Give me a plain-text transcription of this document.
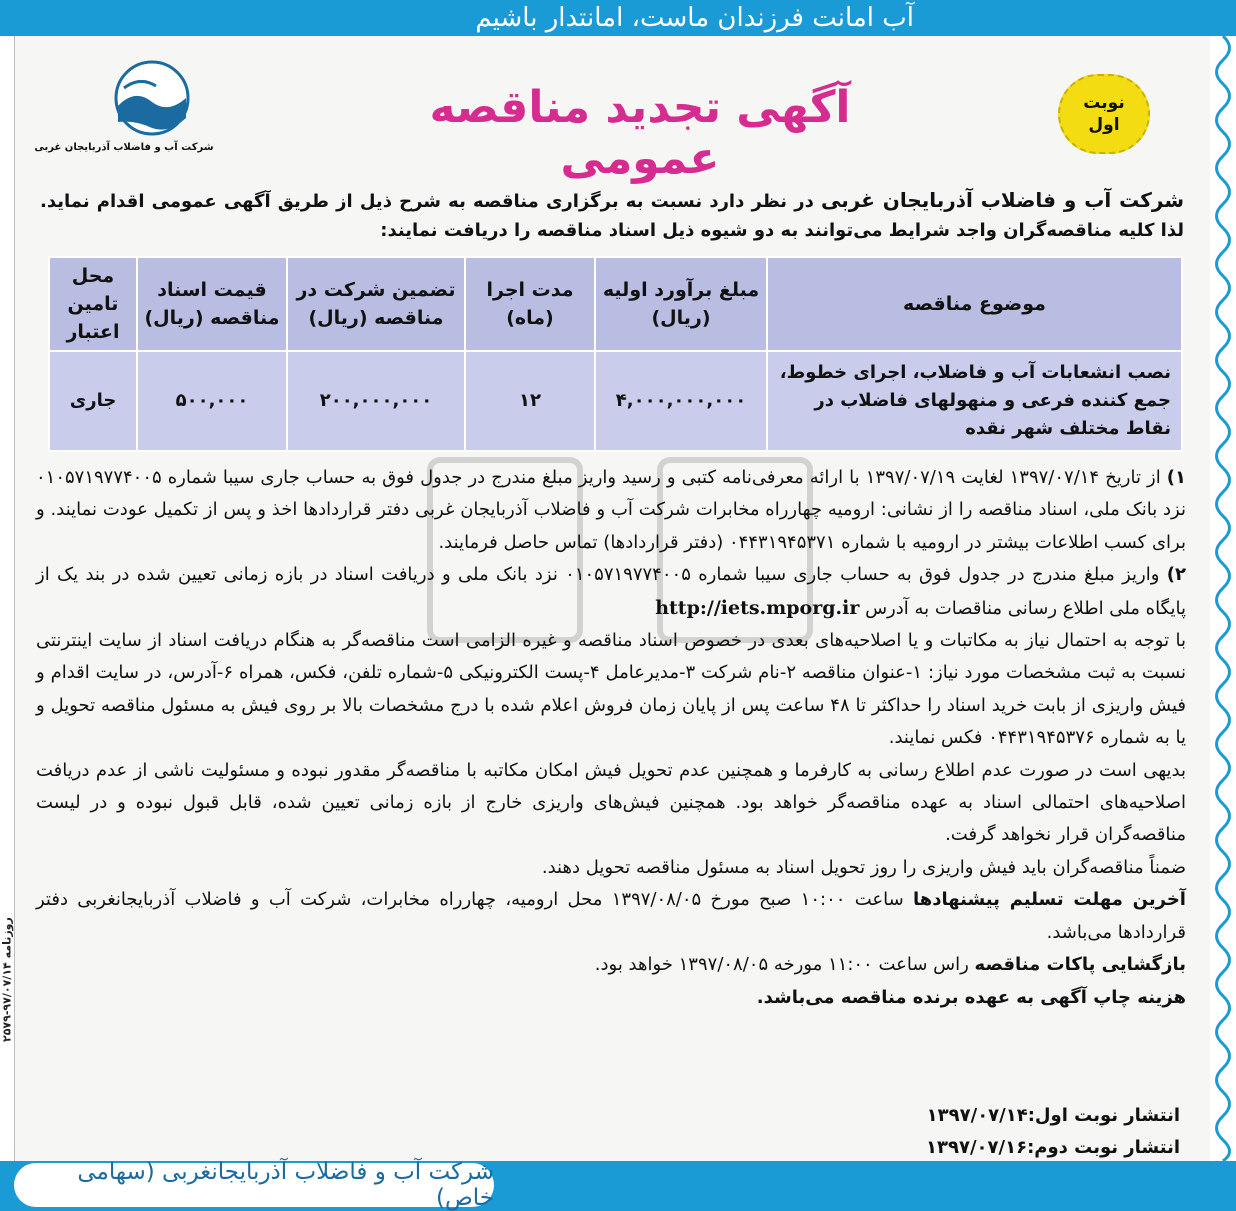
آب امانت فرزندان ماست، امانتدار باشیم
روزنامه ۹۷/۰۷/۱۴-۲۵۷۹
شرکت آب و فاضلاب آذربایجان غربی
آگهی تجدید مناقصه عمومی
نوبت
اول
شرکت آب و فاضلاب آذربایجان غربی در نظر دارد نسبت به برگزاری مناقصه به شرح ذیل از طریق آگهی عمومی اقدام نماید. لذا کلیه مناقصه‌گران واجد شرایط می‌توانند به دو شیوه ذیل اسناد مناقصه را دریافت نمایند:
موضوع مناقصه	مبلغ برآورد اولیه (ریال)	مدت اجرا (ماه)	تضمین شرکت در مناقصه (ریال)	قیمت اسناد مناقصه (ریال)	محل تامین اعتبار
نصب انشعابات آب و فاضلاب، اجرای خطوط، جمع کننده فرعی و منهولهای فاضلاب در نقاط مختلف شهر نقده	۴,۰۰۰,۰۰۰,۰۰۰	۱۲	۲۰۰,۰۰۰,۰۰۰	۵۰۰,۰۰۰	جاری

۱) از تاریخ ۱۳۹۷/۰۷/۱۴ لغایت ۱۳۹۷/۰۷/۱۹ با ارائه معرفی‌نامه کتبی و رسید واریز مبلغ مندرج در جدول فوق به حساب جاری سیبا شماره ۰۱۰۵۷۱۹۷۷۴۰۰۵ نزد بانک ملی، اسناد مناقصه را از نشانی: ارومیه چهارراه مخابرات شرکت آب و فاضلاب آذربایجان غربی دفتر قراردادها اخذ و پس از تکمیل عودت نمایند. و برای کسب اطلاعات بیشتر در ارومیه با شماره ۰۴۴۳۱۹۴۵۳۷۱ (دفتر قراردادها) تماس حاصل فرمایند.

۲) واریز مبلغ مندرج در جدول فوق به حساب جاری سیبا شماره ۰۱۰۵۷۱۹۷۷۴۰۰۵ نزد بانک ملی و دریافت اسناد در بازه زمانی تعیین شده در بند یک از پایگاه ملی اطلاع رسانی مناقصات به آدرس http://iets.mporg.ir

با توجه به احتمال نیاز به مکاتبات و یا اصلاحیه‌های بعدی در خصوص اسناد مناقصه و غیره الزامی است مناقصه‌گر به هنگام دریافت اسناد از سایت اینترنتی نسبت به ثبت مشخصات مورد نیاز: ۱-عنوان مناقصه ۲-نام شرکت ۳-مدیرعامل ۴-پست الکترونیکی ۵-شماره تلفن، فکس، همراه ۶-آدرس، در سایت اقدام و فیش واریزی از بابت خرید اسناد را حداکثر تا ۴۸ ساعت پس از پایان زمان فروش اعلام شده با درج مشخصات بالا بر روی فیش به مسئول مناقصه تحویل و یا به شماره ۰۴۴۳۱۹۴۵۳۷۶ فکس نمایند.

بدیهی است در صورت عدم اطلاع رسانی به کارفرما و همچنین عدم تحویل فیش امکان مکاتبه با مناقصه‌گر مقدور نبوده و مسئولیت ناشی از عدم دریافت اصلاحیه‌های احتمالی اسناد به عهده مناقصه‌گر خواهد بود. همچنین فیش‌های واریزی خارج از بازه زمانی تعیین شده، قابل قبول نبوده و در لیست مناقصه‌گران قرار نخواهد گرفت.

ضمناً مناقصه‌گران باید فیش واریزی را روز تحویل اسناد به مسئول مناقصه تحویل دهند.

آخرین مهلت تسلیم پیشنهادها ساعت ۱۰:۰۰ صبح مورخ ۱۳۹۷/۰۸/۰۵ محل ارومیه، چهارراه مخابرات، شرکت آب و فاضلاب آذربایجانغربی دفتر قراردادها می‌باشد.

بازگشایی پاکات مناقصه راس ساعت ۱۱:۰۰ مورخه ۱۳۹۷/۰۸/۰۵ خواهد بود.

هزینه چاپ آگهی به عهده برنده مناقصه می‌باشد.

انتشار نوبت اول:۱۳۹۷/۰۷/۱۴
انتشار نوبت دوم:۱۳۹۷/۰۷/۱۶
شرکت آب و فاضلاب آذربایجانغربی (سهامی خاص)
